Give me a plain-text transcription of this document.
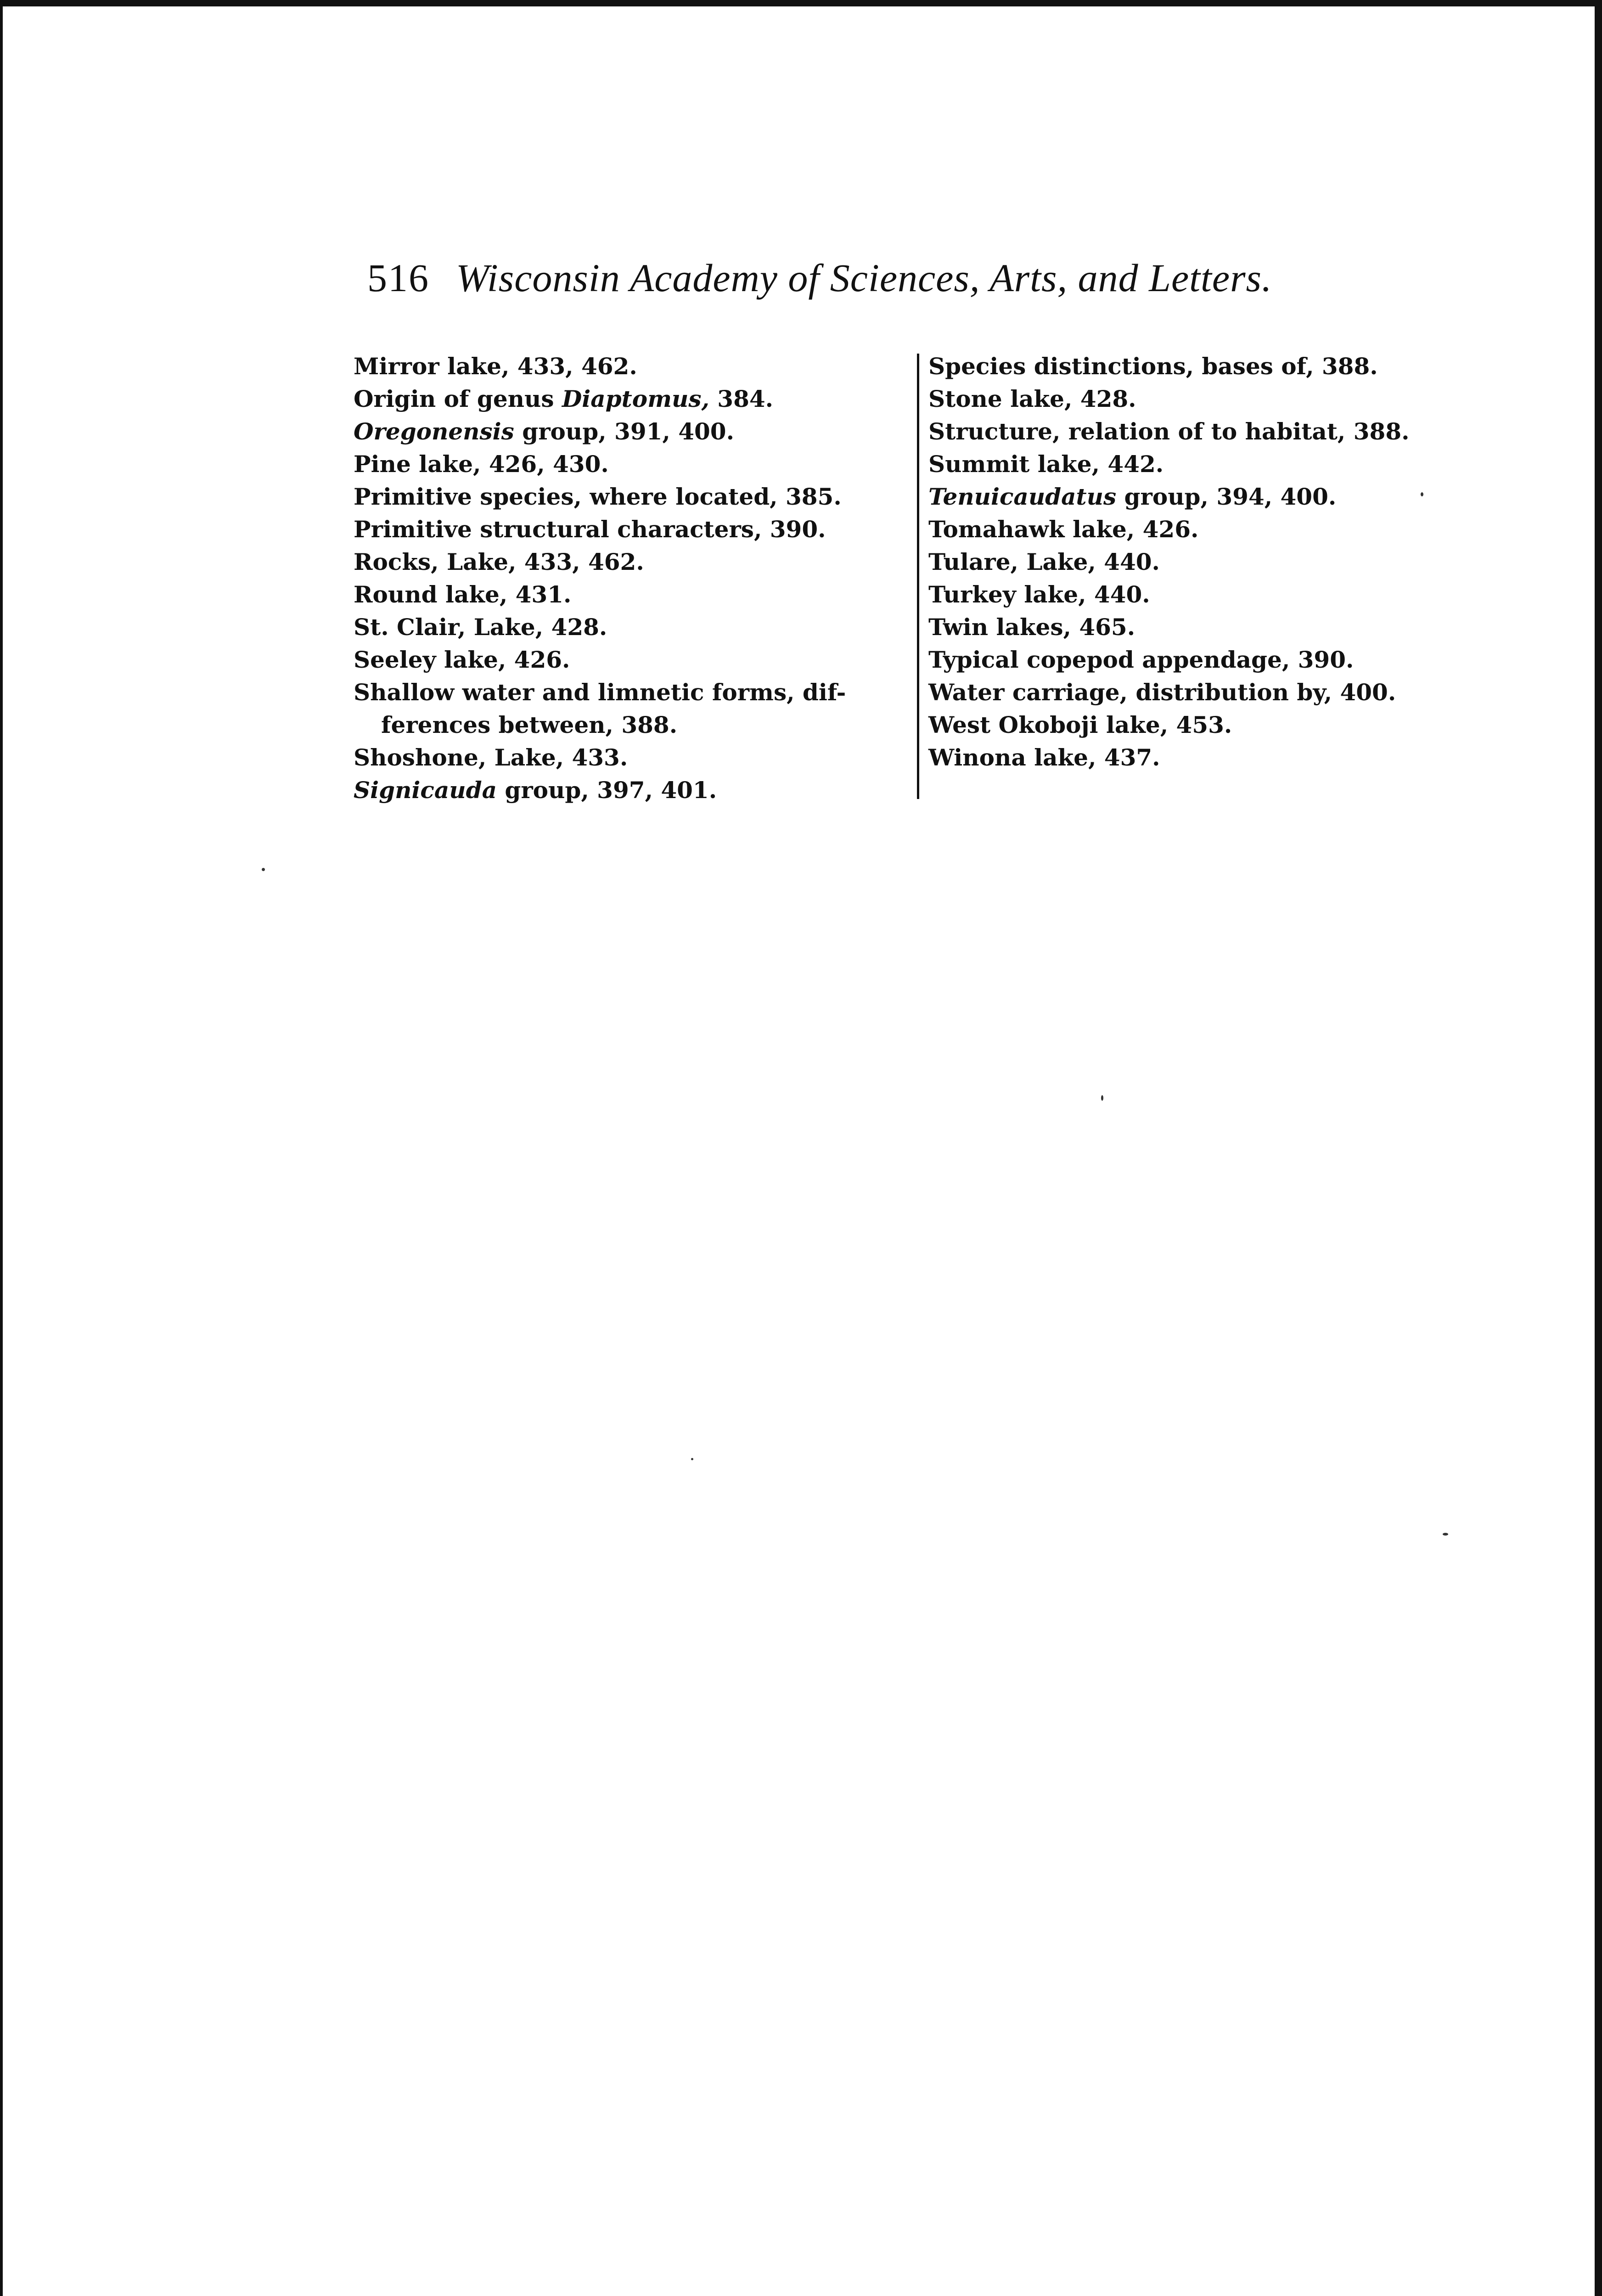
516 Wisconsin Academy of Sciences, Arts, and Letters.

Mirror lake, 433, 462.

Origin of genus Diaptomus, 384.

Oregonensis group, 391, 400.

Pine lake, 426, 430.

Primitive species, where located, 385.

Primitive structural characters, 390.

Rocks, Lake, 433, 462.

Round lake, 431.

St. Clair, Lake, 428.

Seeley lake, 426.

Shallow water and limnetic forms, dif-

ferences between, 388.

Shoshone, Lake, 433.

Signicauda group, 397, 401.

Species distinctions, bases of, 388.

Stone lake, 428.

Structure, relation of to habitat, 388.

Summit lake, 442.

Tenuicaudatus group, 394, 400.

Tomahawk lake, 426.

Tulare, Lake, 440.

Turkey lake, 440.

Twin lakes, 465.

Typical copepod appendage, 390.

Water carriage, distribution by, 400.

West Okoboji lake, 453.

Winona lake, 437.
